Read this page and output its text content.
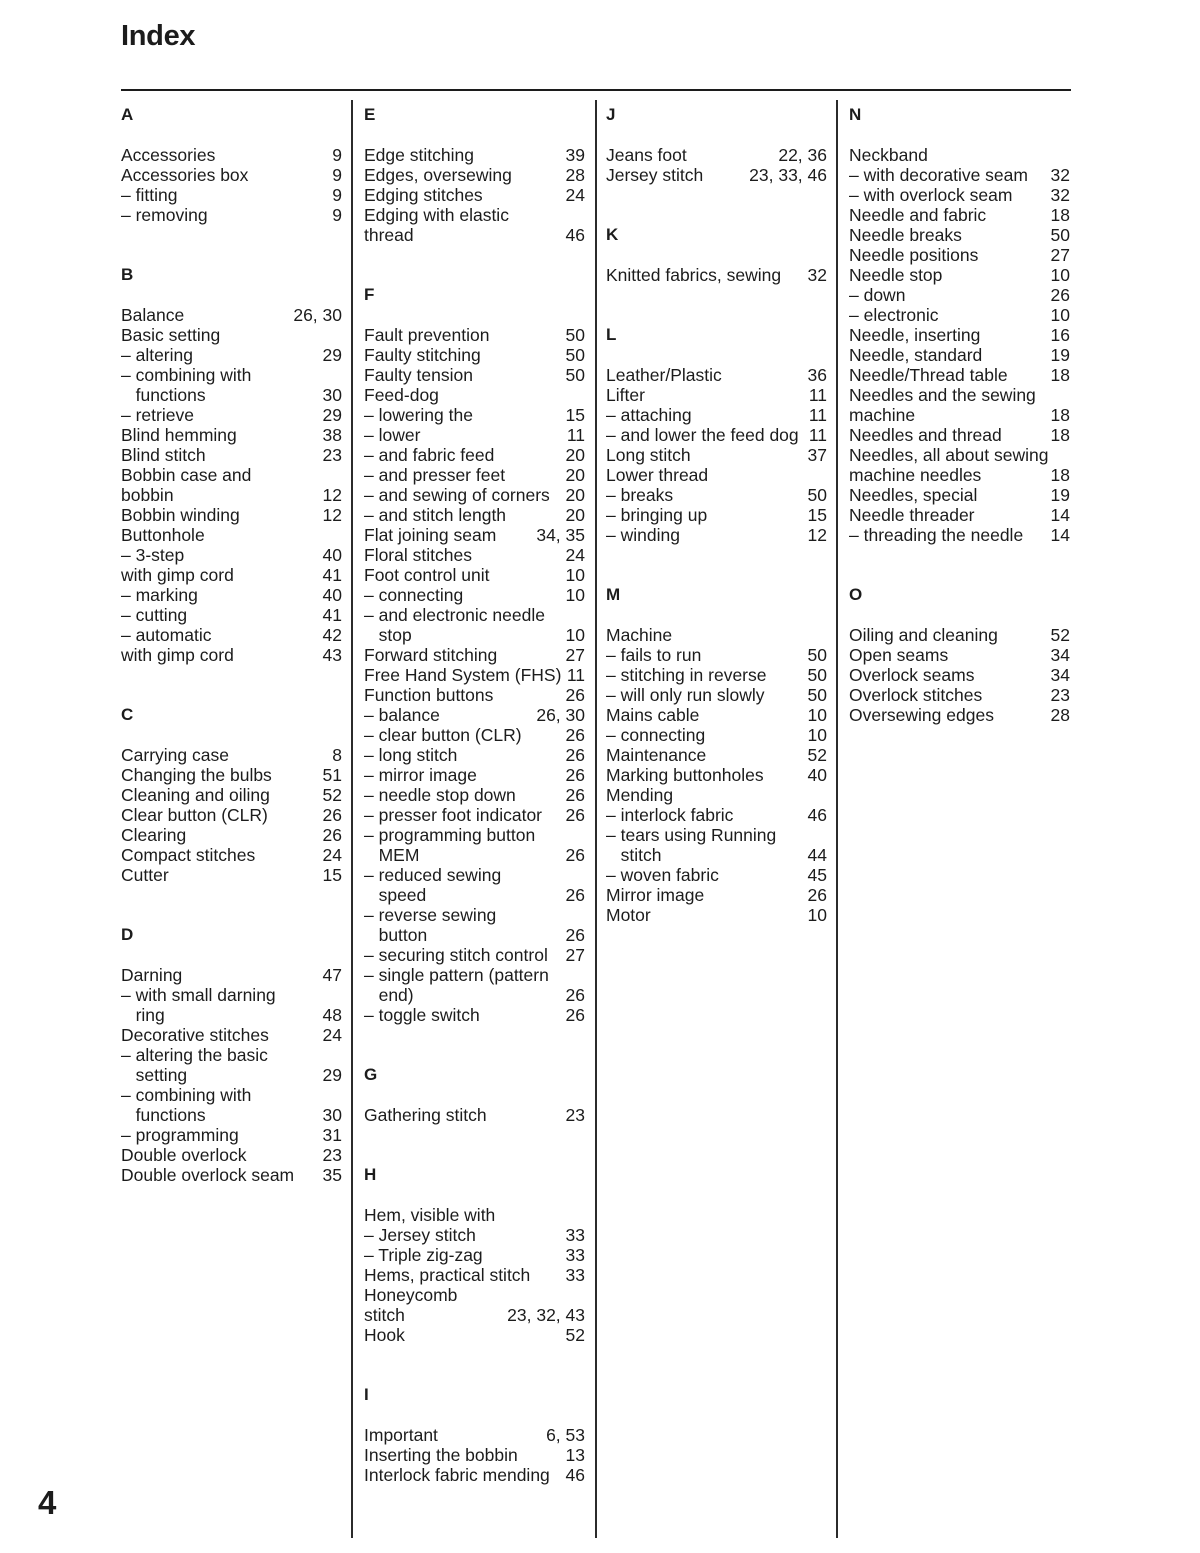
Index
A
Accessories	9
Accessories box	9
– fitting	9
– removing	9
B
Balance	26, 30
Basic setting
– altering	29
– combining with
functions	30
– retrieve	29
Blind hemming	38
Blind stitch	23
Bobbin case and
bobbin	12
Bobbin winding	12
Buttonhole
– 3-step	40
with gimp cord	41
– marking	40
– cutting	41
– automatic	42
with gimp cord	43
C
Carrying case	8
Changing the bulbs	51
Cleaning and oiling	52
Clear button (CLR)	26
Clearing	26
Compact stitches	24
Cutter	15
D
Darning	47
– with small darning
ring	48
Decorative stitches	24
– altering the basic
setting	29
– combining with
functions	30
– programming	31
Double overlock	23
Double overlock seam 35
E
Edge stitching	39
Edges, oversewing	28
Edging stitches	24
Edging with elastic
thread	46
F
Fault prevention	50
Faulty stitching	50
Faulty tension	50
Feed-dog
– lowering the	15
– lower	11
– and fabric feed	20
– and presser feet	20
– and sewing of corners 20
– and stitch length	20
Flat joining seam 34, 35
Floral stitches	24
Foot control unit	10
– connecting	10
– and electronic needle
stop	10
Forward stitching	27
Free Hand System (FHS) 11
Function buttons	26
– balance	26, 30
– clear button (CLR)	26
– long stitch	26
– mirror image	26
– needle stop down	26
– presser foot indicator 26
– programming button
MEM	26
– reduced sewing
speed	26
– reverse sewing
button	26
– securing stitch control 27
– single pattern (pattern
end)	26
– toggle switch	26
G
Gathering stitch	23
H
Hem, visible with
– Jersey stitch	33
– Triple zig-zag	33
Hems, practical stitch 33
Honeycomb
stitch	23, 32, 43
Hook	52
I
Important	6, 53
Inserting the bobbin	13
Interlock fabric mending 46
J
Jeans foot	22, 36
Jersey stitch	23, 33, 46
K
Knitted fabrics, sewing 32
L
Leather/Plastic	36
Lifter	11
– attaching	11
– and lower the feed dog 11
Long stitch	37
Lower thread
– breaks	50
– bringing up	15
– winding	12
M
Machine
– fails to run	50
– stitching in reverse 50
– will only run slowly 50
Mains cable	10
– connecting	10
Maintenance	52
Marking buttonholes	40
Mending
– interlock fabric	46
– tears using Running
stitch	44
– woven fabric	45
Mirror image	26
Motor	10
N
Neckband
– with decorative seam 32
– with overlock seam 32
Needle and fabric	18
Needle breaks	50
Needle positions	27
Needle stop	10
– down	26
– electronic	10
Needle, inserting	16
Needle, standard	19
Needle/Thread table 18
Needles and the sewing
machine	18
Needles and thread	18
Needles, all about sewing
machine needles	18
Needles, special	19
Needle threader	14
– threading the needle 14
O
Oiling and cleaning	52
Open seams	34
Overlock seams	34
Overlock stitches	23
Oversewing edges	28
4
